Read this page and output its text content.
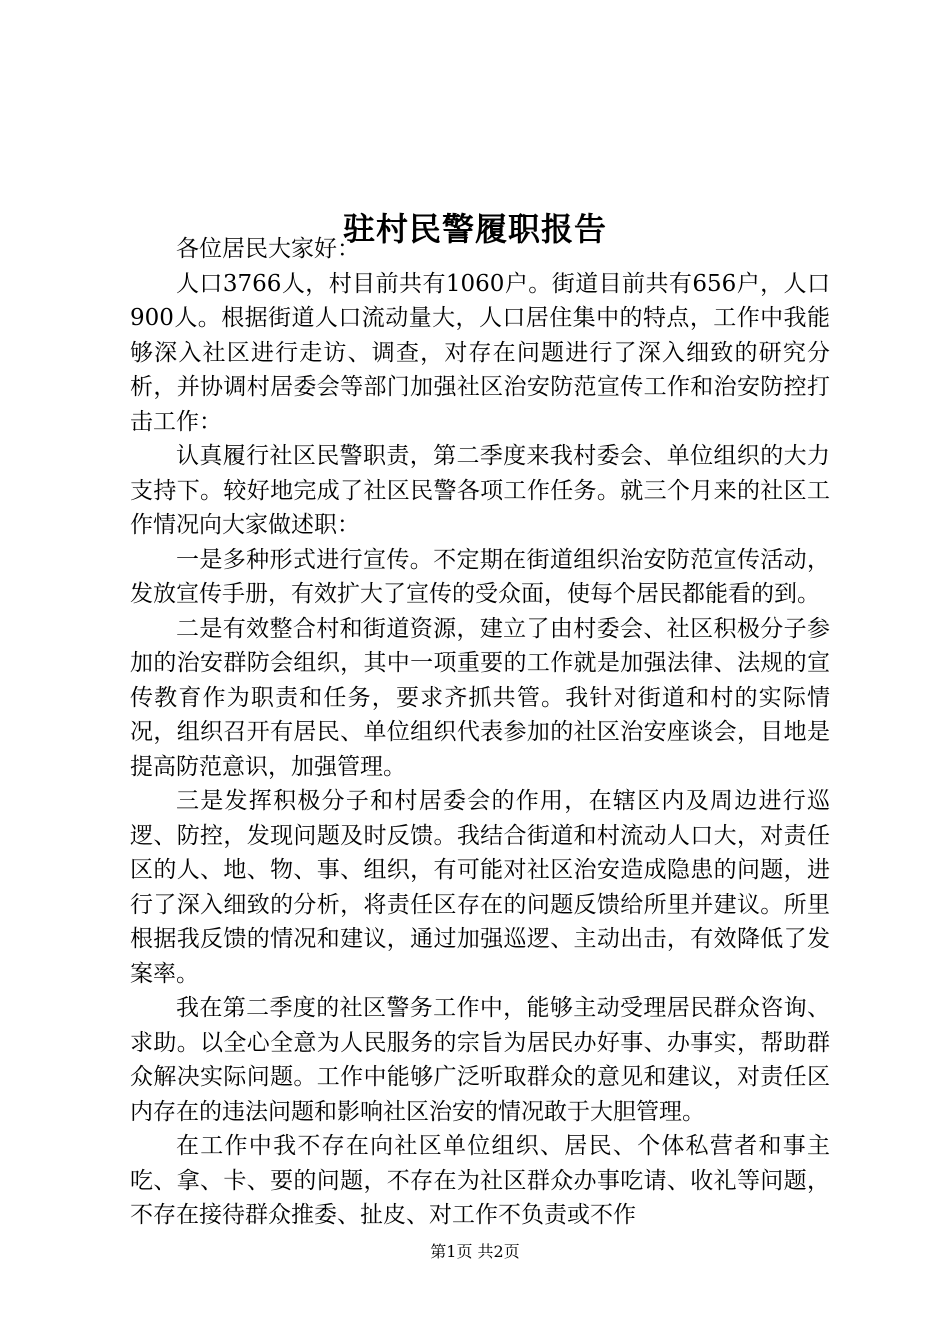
驻村民警履职报告

各位居民大家好：

人口3766人，村目前共有1060户。街道目前共有656户，人口900人。根据街道人口流动量大，人口居住集中的特点，工作中我能够深入社区进行走访、调查，对存在问题进行了深入细致的研究分析，并协调村居委会等部门加强社区治安防范宣传工作和治安防控打击工作：

认真履行社区民警职责，第二季度来我村委会、单位组织的大力支持下。较好地完成了社区民警各项工作任务。就三个月来的社区工作情况向大家做述职：

一是多种形式进行宣传。不定期在街道组织治安防范宣传活动，发放宣传手册，有效扩大了宣传的受众面，使每个居民都能看的到。

二是有效整合村和街道资源，建立了由村委会、社区积极分子参加的治安群防会组织，其中一项重要的工作就是加强法律、法规的宣传教育作为职责和任务，要求齐抓共管。我针对街道和村的实际情况，组织召开有居民、单位组织代表参加的社区治安座谈会，目地是提高防范意识，加强管理。

三是发挥积极分子和村居委会的作用，在辖区内及周边进行巡逻、防控，发现问题及时反馈。我结合街道和村流动人口大，对责任区的人、地、物、事、组织，有可能对社区治安造成隐患的问题，进行了深入细致的分析，将责任区存在的问题反馈给所里并建议。所里根据我反馈的情况和建议，通过加强巡逻、主动出击，有效降低了发案率。

我在第二季度的社区警务工作中，能够主动受理居民群众咨询、求助。以全心全意为人民服务的宗旨为居民办好事、办事实，帮助群众解决实际问题。工作中能够广泛听取群众的意见和建议，对责任区内存在的违法问题和影响社区治安的情况敢于大胆管理。

在工作中我不存在向社区单位组织、居民、个体私营者和事主吃、拿、卡、要的问题，不存在为社区群众办事吃请、收礼等问题，不存在接待群众推委、扯皮、对工作不负责或不作

第1页 共2页
